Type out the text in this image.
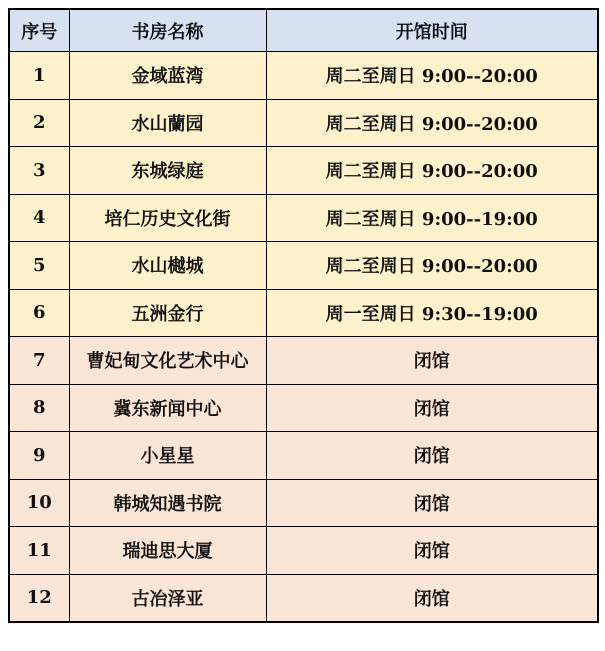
序号	书房名称	开馆时间
1	金域蓝湾	周二至周日 9:00--20:00
2	水山蘭园	周二至周日 9:00--20:00
3	东城绿庭	周二至周日 9:00--20:00
4	培仁历史文化街	周二至周日 9:00--19:00
5	水山樾城	周二至周日 9:00--20:00
6	五洲金行	周一至周日 9:30--19:00
7	曹妃甸文化艺术中心	闭馆
8	冀东新闻中心	闭馆
9	小星星	闭馆
10	韩城知遇书院	闭馆
11	瑞迪思大厦	闭馆
12	古冶泽亚	闭馆
